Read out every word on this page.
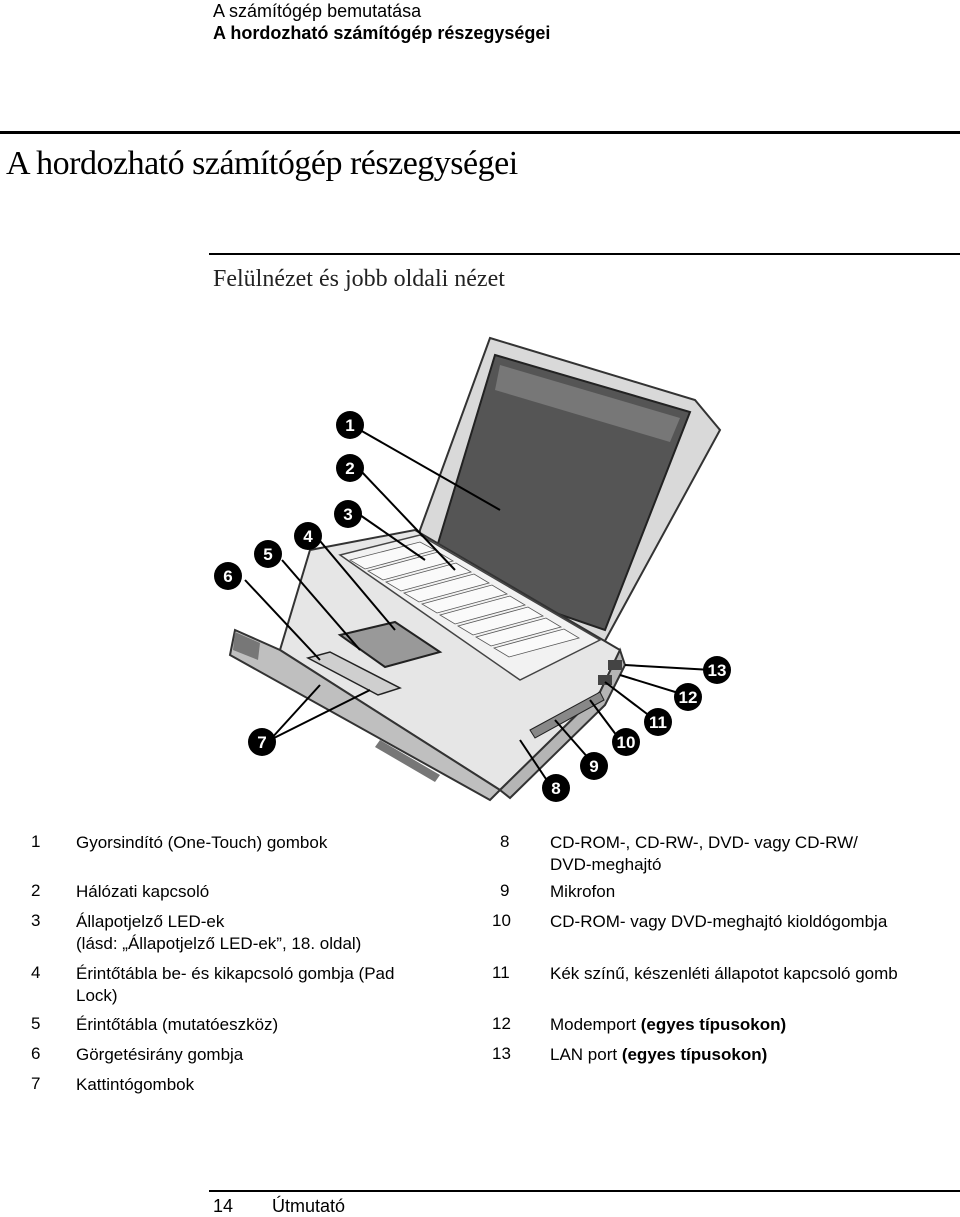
A számítógép bemutatása
A hordozható számítógép részegységei
A hordozható számítógép részegységei
Felülnézet és jobb oldali nézet
1
2
3
4
5
6
7
8
9
10
11
12
13
1 Gyorsindító (One-Touch) gombok
2 Hálózati kapcsoló
3 Állapotjelző LED-ek
(lásd: „Állapotjelző LED-ek”, 18. oldal)
4 Érintőtábla be- és kikapcsoló gombja (Pad
Lock)
5 Érintőtábla (mutatóeszköz)
6 Görgetésirány gombja
7 Kattintógombok
8 CD-ROM-, CD-RW-, DVD- vagy CD-RW/
DVD-meghajtó
9 Mikrofon
10 CD-ROM- vagy DVD-meghajtó kioldógombja
11 Kék színű, készenléti állapotot kapcsoló gomb
12 Modemport (egyes típusokon)
13 LAN port (egyes típusokon)
14 Útmutató
